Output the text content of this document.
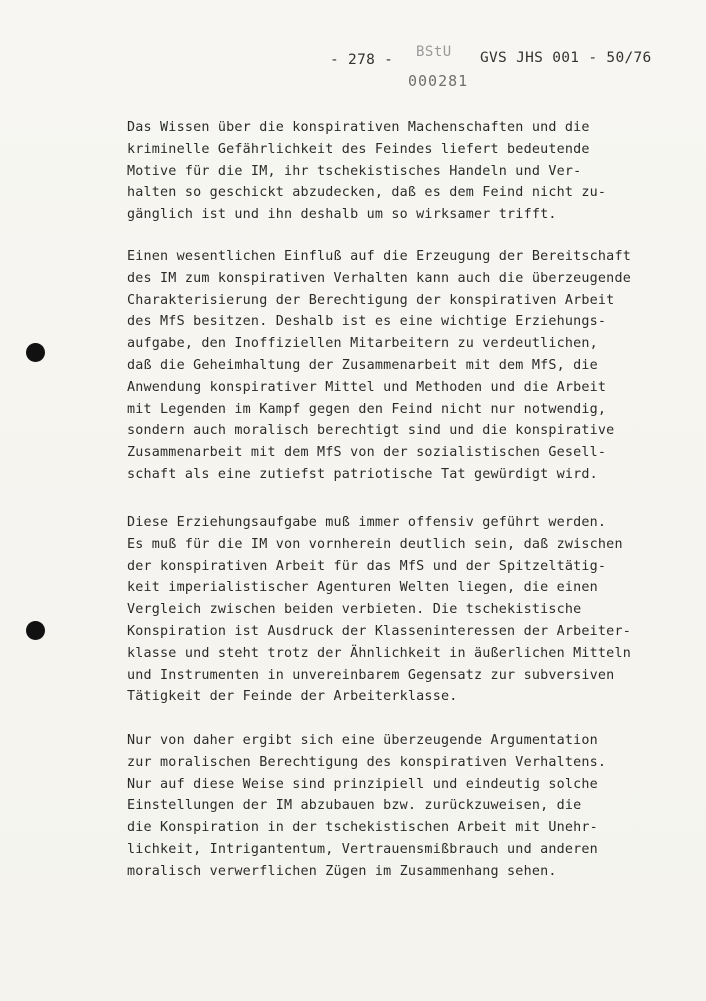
- 278 -	GVS JHS 001 - 50/76
BStU
000281
Das Wissen über die konspirativen Machenschaften und die
kriminelle Gefährlichkeit des Feindes liefert bedeutende
Motive für die IM, ihr tschekistisches Handeln und Ver-
halten so geschickt abzudecken, daß es dem Feind nicht zu-
gänglich ist und ihn deshalb um so wirksamer trifft.
Einen wesentlichen Einfluß auf die Erzeugung der Bereitschaft
des IM zum konspirativen Verhalten kann auch die überzeugende
Charakterisierung der Berechtigung der konspirativen Arbeit
des MfS besitzen. Deshalb ist es eine wichtige Erziehungs-
aufgabe, den Inoffiziellen Mitarbeitern zu verdeutlichen,
daß die Geheimhaltung der Zusammenarbeit mit dem MfS, die
Anwendung konspirativer Mittel und Methoden und die Arbeit
mit Legenden im Kampf gegen den Feind nicht nur notwendig,
sondern auch moralisch berechtigt sind und die konspirative
Zusammenarbeit mit dem MfS von der sozialistischen Gesell-
schaft als eine zutiefst patriotische Tat gewürdigt wird.
Diese Erziehungsaufgabe muß immer offensiv geführt werden.
Es muß für die IM von vornherein deutlich sein, daß zwischen
der konspirativen Arbeit für das MfS und der Spitzeltätig-
keit imperialistischer Agenturen Welten liegen, die einen
Vergleich zwischen beiden verbieten. Die tschekistische
Konspiration ist Ausdruck der Klasseninteressen der Arbeiter-
klasse und steht trotz der Ähnlichkeit in äußerlichen Mitteln
und Instrumenten in unvereinbarem Gegensatz zur subversiven
Tätigkeit der Feinde der Arbeiterklasse.
Nur von daher ergibt sich eine überzeugende Argumentation
zur moralischen Berechtigung des konspirativen Verhaltens.
Nur auf diese Weise sind prinzipiell und eindeutig solche
Einstellungen der IM abzubauen bzw. zurückzuweisen, die
die Konspiration in der tschekistischen Arbeit mit Unehr-
lichkeit, Intrigantentum, Vertrauensmißbrauch und anderen
moralisch verwerflichen Zügen im Zusammenhang sehen.
